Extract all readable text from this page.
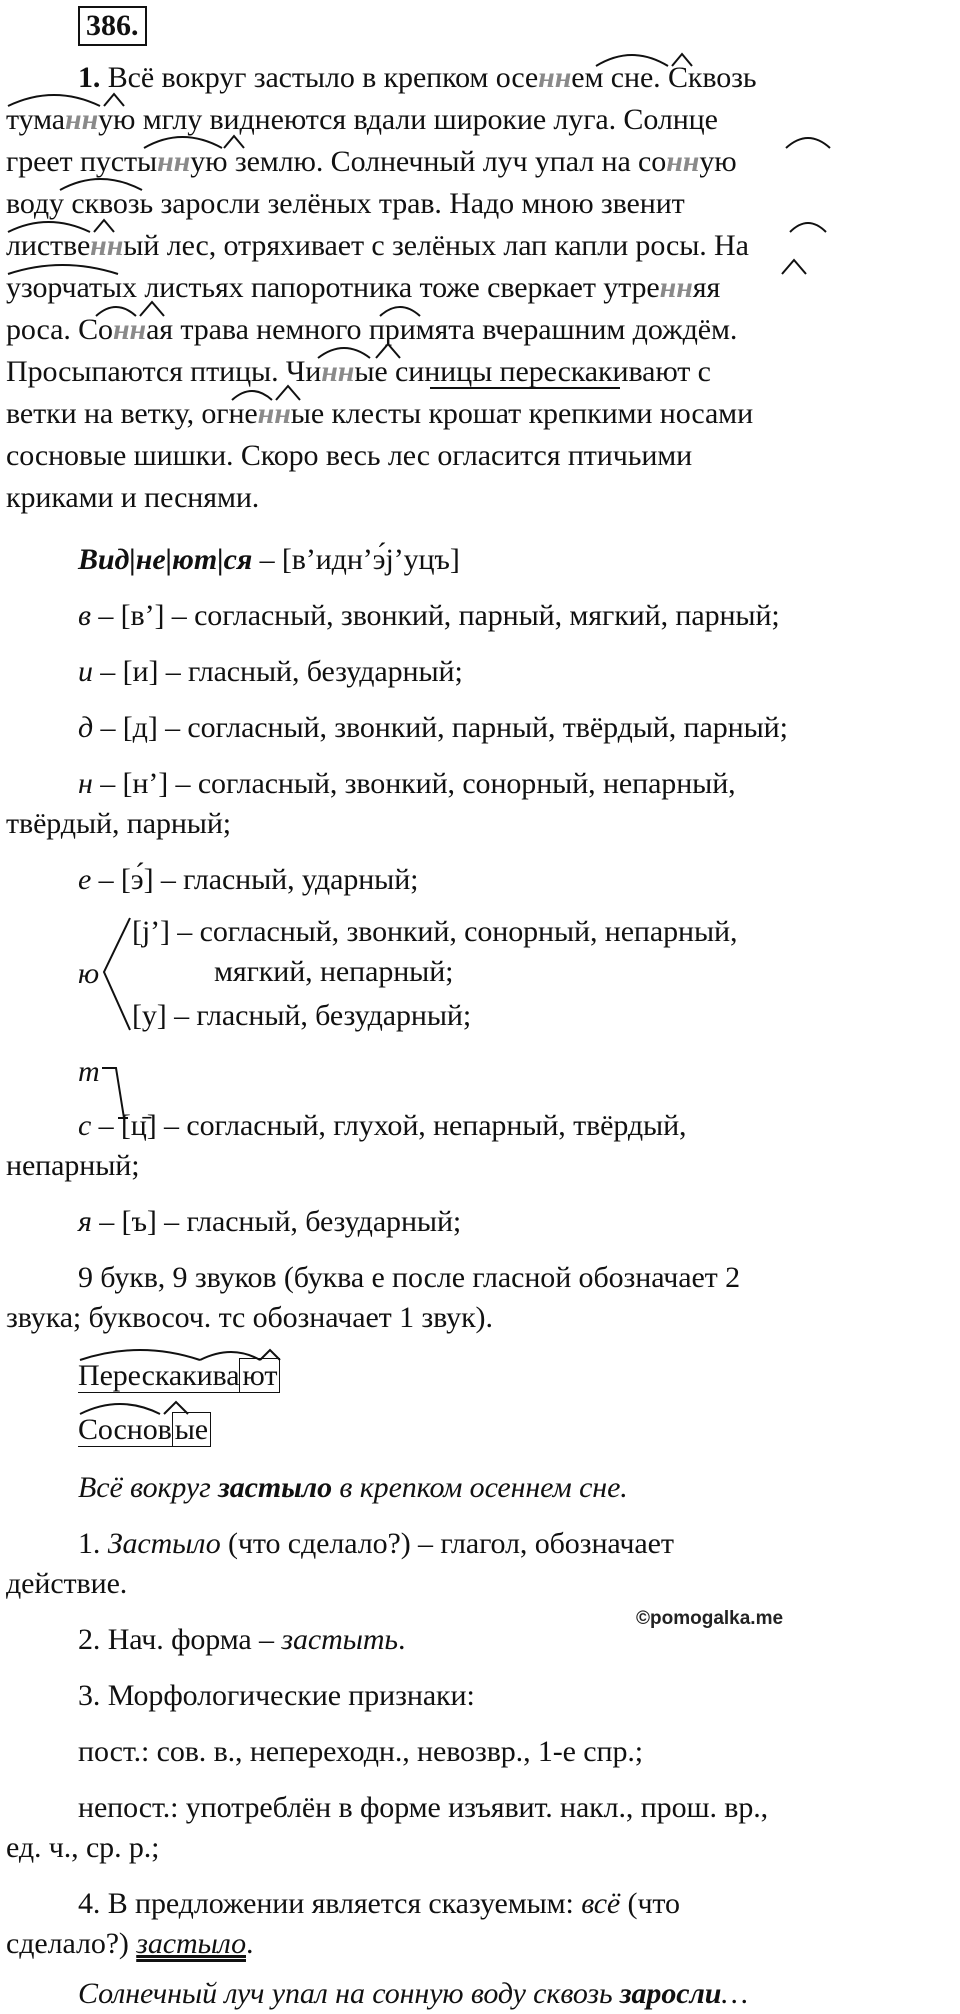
386.
1. Всё вокруг застыло в крепком осеннем сне. Сквозь
туманную мглу виднеются вдали широкие луга. Солнце
греет пустынную землю. Солнечный луч упал на сонную
воду сквозь заросли зелёных трав. Надо мною звенит
лиственный лес, отряхивает с зелёных лап капли росы. На
узорчатых листьях папоротника тоже сверкает утренняя
роса. Сонная трава немного примята вчерашним дождём.
Просыпаются птицы. Чинные синицы перескакивают с
ветки на ветку, огненные клесты крошат крепкими носами
сосновые шишки. Скоро весь лес огласится птичьими
криками и песнями.
Вид|не|ют|ся – [в’идн’э́j’уцъ]
в – [в’] – согласный, звонкий, парный, мягкий, парный;
и – [и] – гласный, безударный;
д – [д] – согласный, звонкий, парный, твёрдый, парный;
н – [н’] – согласный, звонкий, сонорный, непарный,
твёрдый, парный;
е – [э́] – гласный, ударный;
[j’] – согласный, звонкий, сонорный, непарный,
мягкий, непарный;
ю
[у] – гласный, безударный;
т
с – [ц̄] – согласный, глухой, непарный, твёрдый,
непарный;
я – [ъ] – гласный, безударный;
9 букв, 9 звуков (буква е после гласной обозначает 2
звука; буквосоч. тс обозначает 1 звук).
Перескакива ют
Соснов ые
Всё вокруг застыло в крепком осеннем сне.
1. Застыло (что сделало?) – глагол, обозначает
действие.
2. Нач. форма – застыть.
©pomogalka.me
3. Морфологические признаки:
пост.: сов. в., непереходн., невозвр., 1-е спр.;
непост.: употреблён в форме изъявит. накл., прош. вр.,
ед. ч., ср. р.;
4. В предложении является сказуемым: всё (что
сделало?) застыло.
Солнечный луч упал на сонную воду сквозь заросли…
